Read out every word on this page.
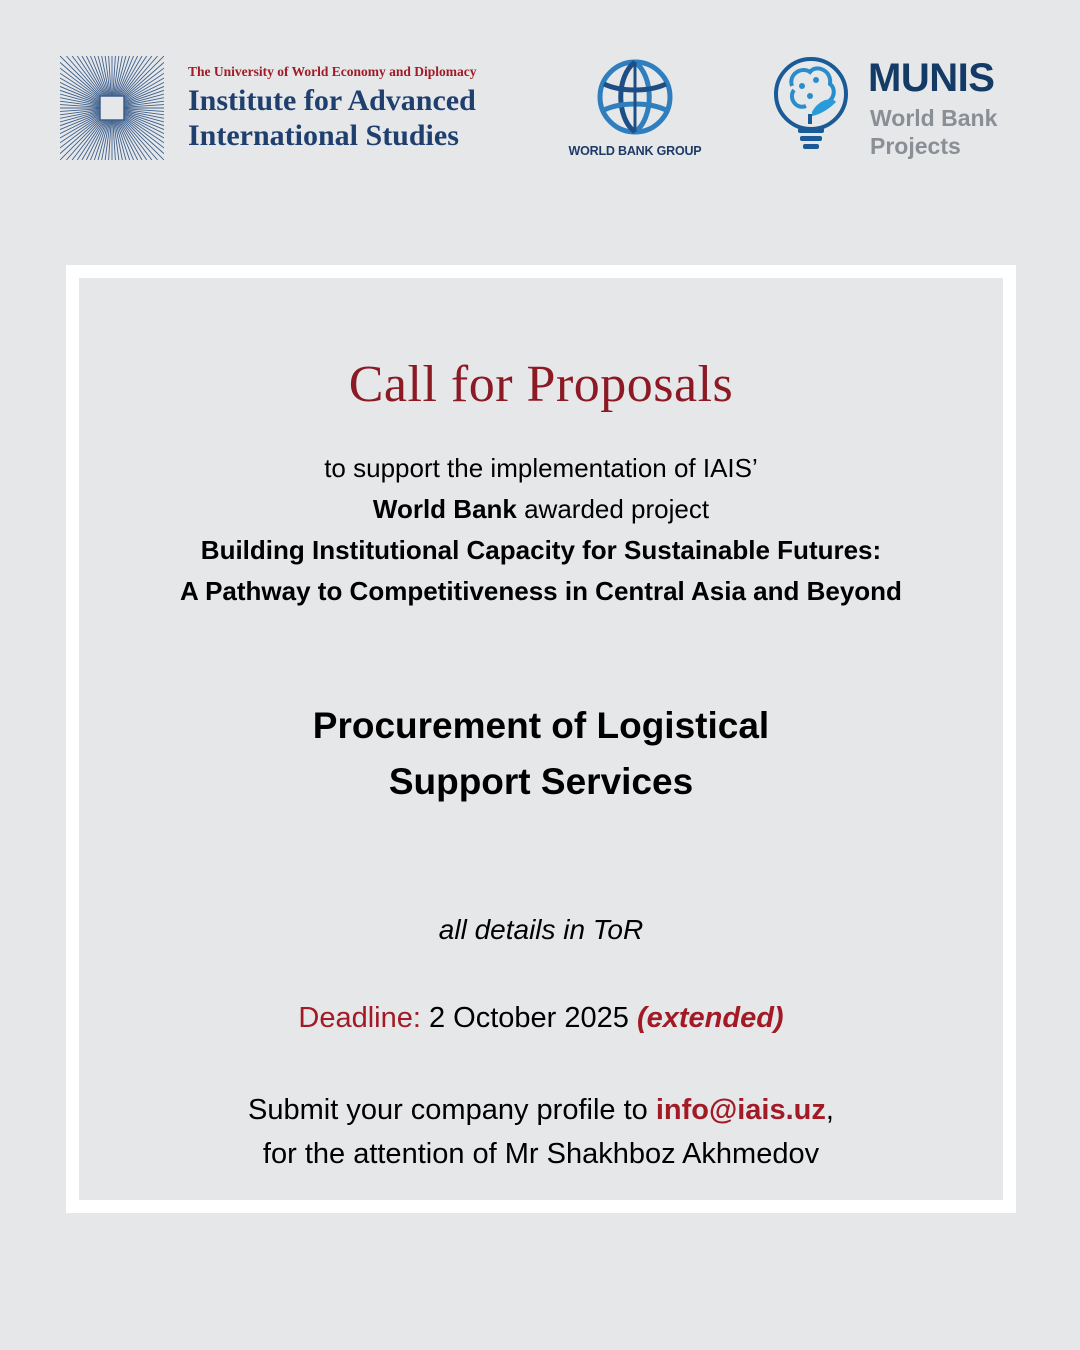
The University of World Economy and Diplomacy
Institute for Advanced
International Studies	WORLD BANK GROUP
MUNIS
World Bank
Projects
Call for Proposals
to support the implementation of IAIS’
World Bank awarded project
Building Institutional Capacity for Sustainable Futures:
A Pathway to Competitiveness in Central Asia and Beyond
Procurement of Logistical
Support Services
all details in ToR
Deadline: 2 October 2025 (extended)
Submit your company profile to info@iais.uz,
for the attention of Mr Shakhboz Akhmedov
